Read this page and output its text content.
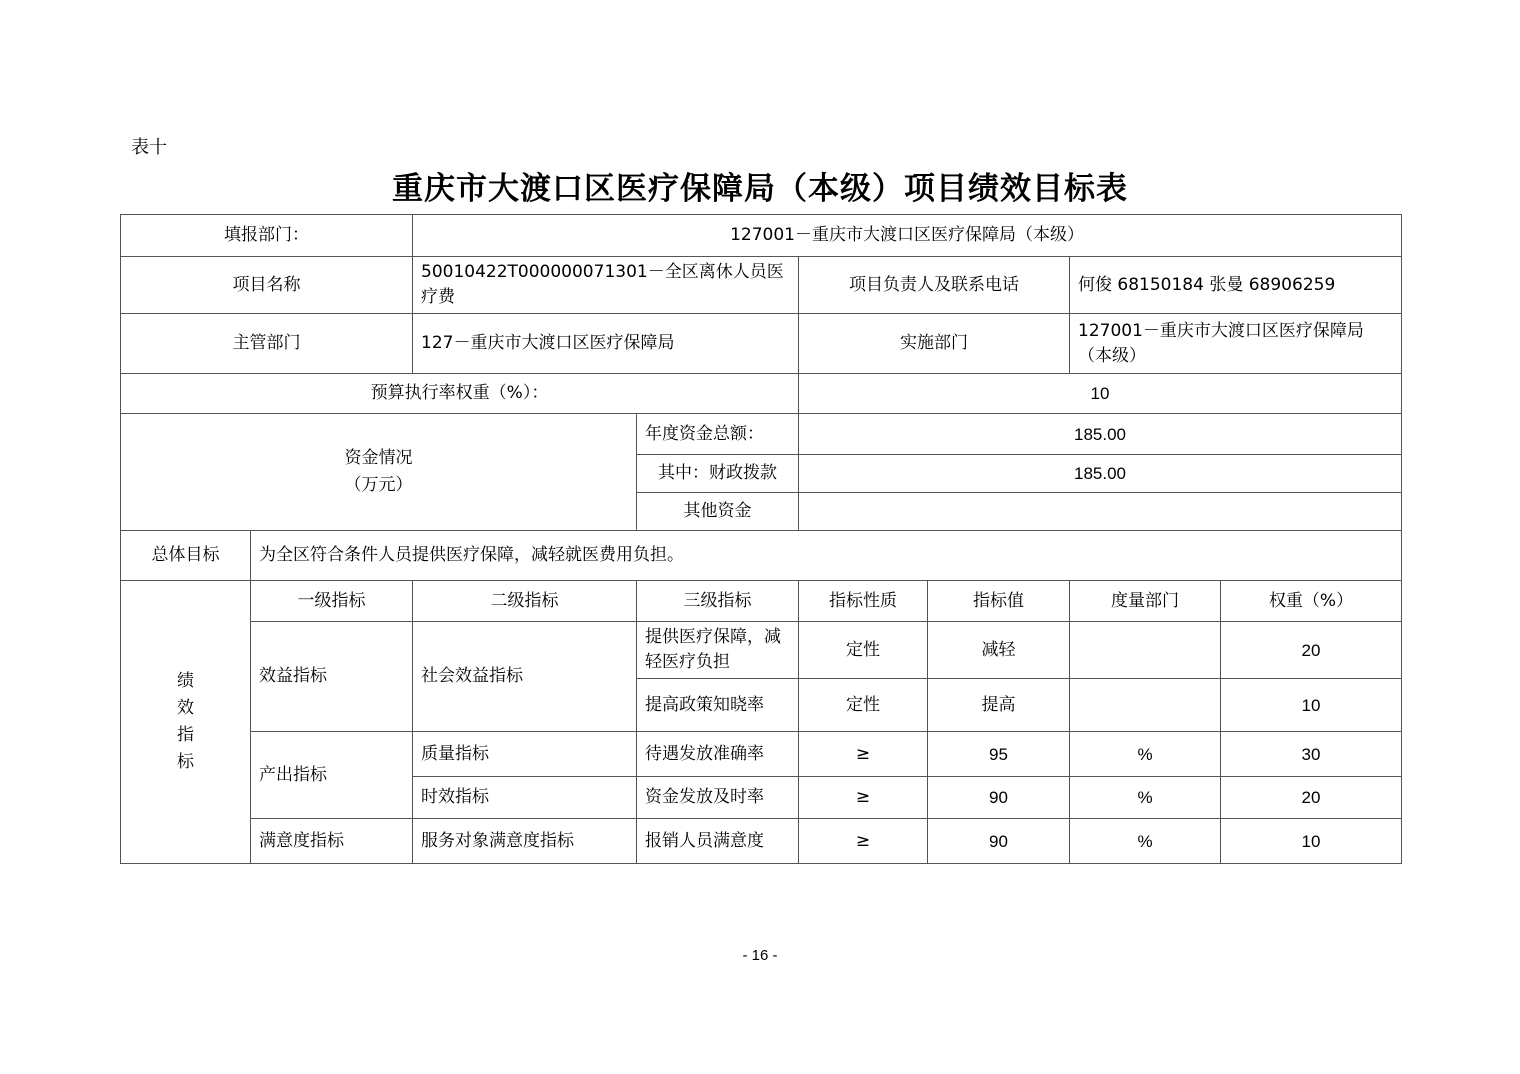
表十
重庆市大渡口区医疗保障局（本级）项目绩效目标表
填报部门：		127001－重庆市大渡口区医疗保障局（本级）					
项目名称		50010422T000000071301－全区离休人员医疗费		项目负责人及联系电话		何俊 68150184 张曼 68906259	
主管部门		127－重庆市大渡口区医疗保障局		实施部门		127001－重庆市大渡口区医疗保障局（本级）	
预算执行率权重（%）：				10			

资金情况
（万元）			年度资金总额：	185.00			
			其中：财政拨款	185.00			
			其他资金				
总体目标	为全区符合条件人员提供医疗保障，减轻就医费用负担。						

绩
效
指
标	一级指标	二级指标	三级指标	指标性质	指标值	度量部门	权重（%）
	效益指标	社会效益指标	提供医疗保障，减轻医疗负担	定性	减轻		20
			提高政策知晓率	定性	提高		10
	产出指标	质量指标	待遇发放准确率	≥	95	%	30
		时效指标	资金发放及时率	≥	90	%	20
	满意度指标	服务对象满意度指标	报销人员满意度	≥	90	%	10
- 16 -
